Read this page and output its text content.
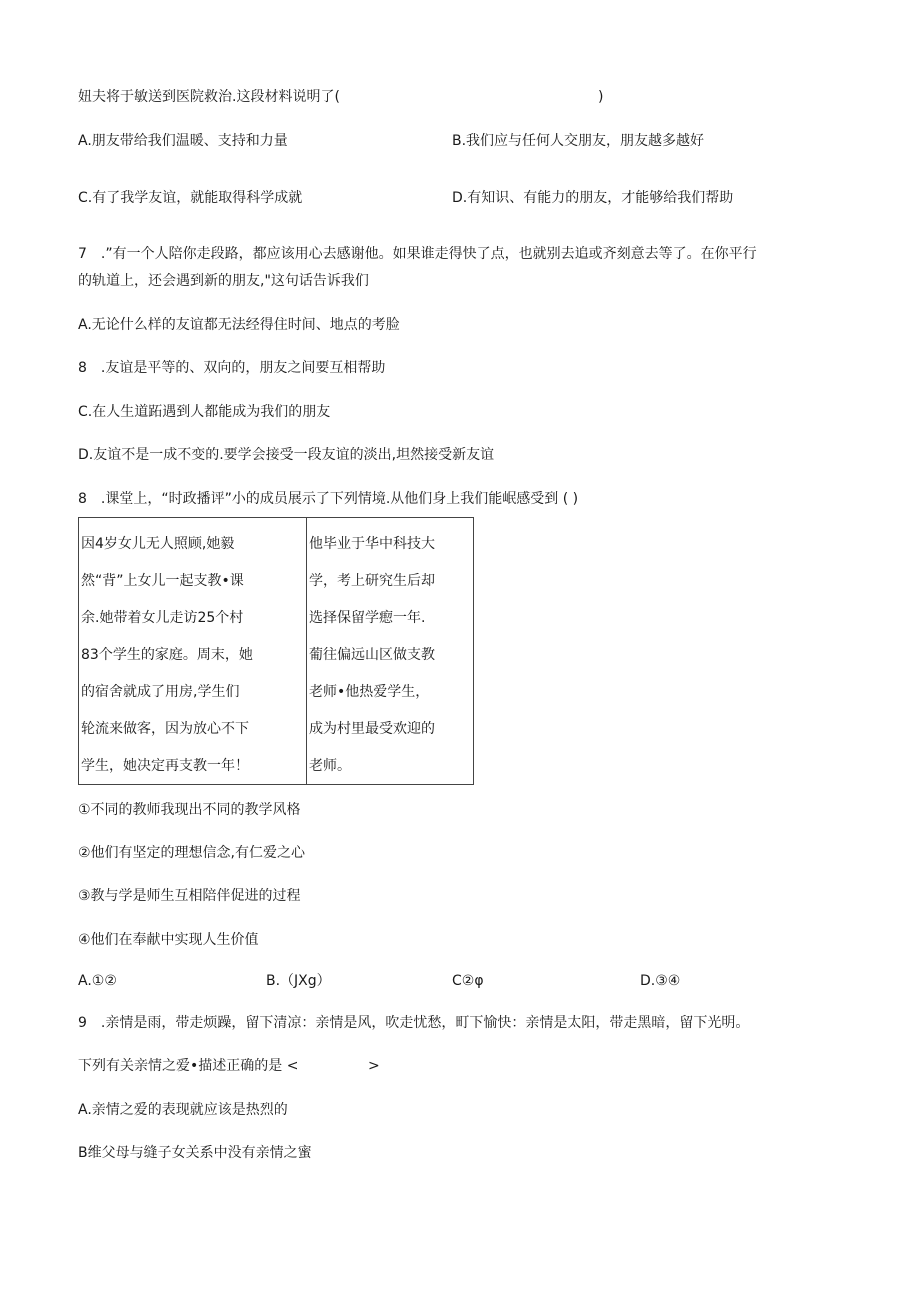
妞夫将于敏送到医院救治.这段材料说明了(	)
A.朋友带给我们温暖、支持和力量	B.我们应与任何人交朋友，朋友越多越好
C.有了我学友谊，就能取得科学成就	D.有知识、有能力的朋友，才能够给我们帮助
7　.”有一个人陪你走段路，都应该用心去感谢他。如果谁走得快了点，也就别去追或齐刻意去等了。在你平行
的轨道上，还会遇到新的朋友,"这句话告诉我们
A.无论什么样的友谊都无法经得住时间、地点的考脸
8　.友谊是平等的、双向的，朋友之间要互相帮助
C.在人生道跖遇到人都能成为我们的朋友
D.友谊不是一成不变的.要学会接受一段友谊的淡出,坦然接受新友谊
8　.课堂上，“时政播评”小的成员展示了下列情境.从他们身上我们能岷感受到 ( )
因4岁女儿无人照顾,她毅
然“背”上女儿一起支教•课
余.她带着女儿走访25个村
83个学生的家庭。周末，她
的宿舍就成了用房,学生们
轮流来做客，因为放心不下
学生，她决定再支教一年！
他毕业于华中科技大
学，考上研究生后却
选择保留学瘛一年.
葡往偏远山区做支教
老师•他热爱学生，
成为村里最受欢迎的
老师。
①不同的教师我现出不同的教学风格
②他们有坚定的理想信念,有仁爱之心
③教与学是师生互相陪伴促进的过程
④他们在奉献中实现人生价值
A.①②	B.（JXg）	C②φ	D.③④
9　.亲情是雨，带走烦躁，留下清凉：亲情是风，吹走忧愁，町下愉快：亲情是太阳，带走黑暗，留下光明。
下列有关亲情之爱•描述正确的是 <	>
A.亲情之爱的表现就应该是热烈的
B维父母与缝子女关系中没有亲情之蜜
